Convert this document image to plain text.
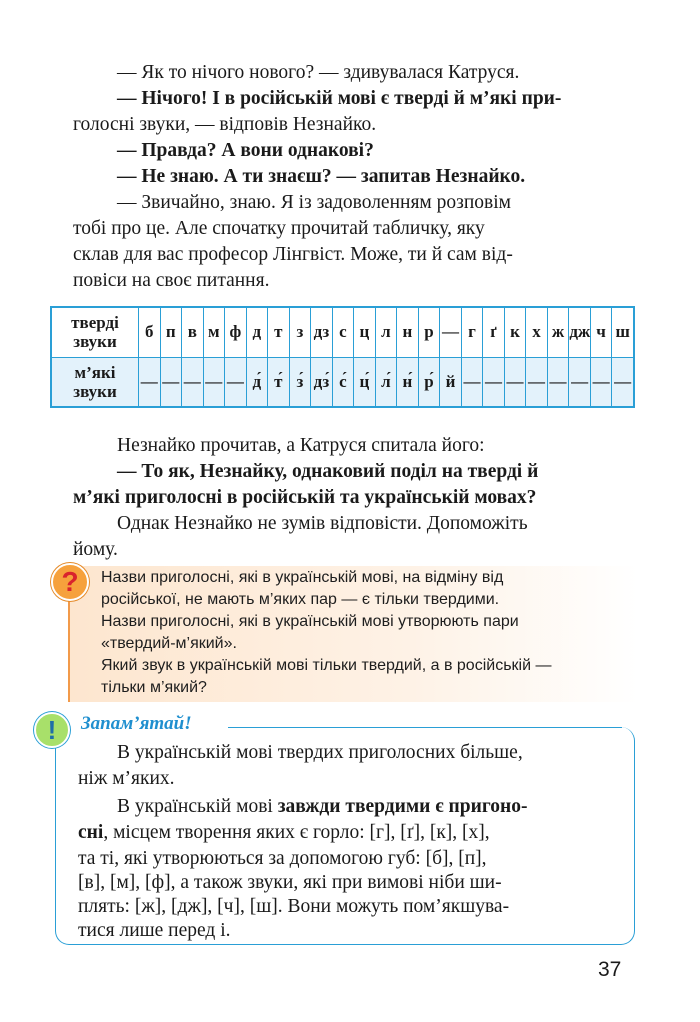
— Як то нічого нового? — здивувалася Катруся.
— Нічого! І в російській мові є тверді й м’які при-
голосні звуки, — відповів Незнайко.
— Правда? А вони однакові?
— Не знаю. А ти знаєш? — запитав Незнайко.
— Звичайно, знаю. Я із задоволенням розповім
тобі про це. Але спочатку прочитай табличку, яку
склав для вас професор Лінгвіст. Може, ти й сам від-
повіси на своє питання.
тверді
звуки	б	п	в	м	ф	д	т	з	дз	с	ц	л	н	р	—	г	ґ	к	х	ж	дж	ч	ш

м’які
звуки	—	—	—	—	—	д́	т́	з́	дз́	с́	ц́	л́	н́	р́	й	—	—	—	—	—	—	—	—
Незнайко прочитав, а Катруся спитала його:
— То як, Незнайку, однаковий поділ на тверді й
м’які приголосні в російській та українській мовах?
Однак Незнайко не зумів відповісти. Допоможіть
йому.
?	Назви приголосні, які в українській мові, на відміну від
російської, не мають м’яких пар — є тільки твердими.
Назви приголосні, які в українській мові утворюють пари
«твердий-м’який».
Який звук в українській мові тільки твердий, а в російській —
тільки м’який?
!	Запам’ятай!
В українській мові твердих приголосних більше,
ніж м’яких.
В українській мові завжди твердими є пригоно-
сні, місцем творення яких є горло: [г], [ґ], [к], [х],
та ті, які утворюються за допомогою губ: [б], [п],
[в], [м], [ф], а також звуки, які при вимові ніби ши-
плять: [ж], [дж], [ч], [ш]. Вони можуть пом’якшува-
тися лише перед і.
37
